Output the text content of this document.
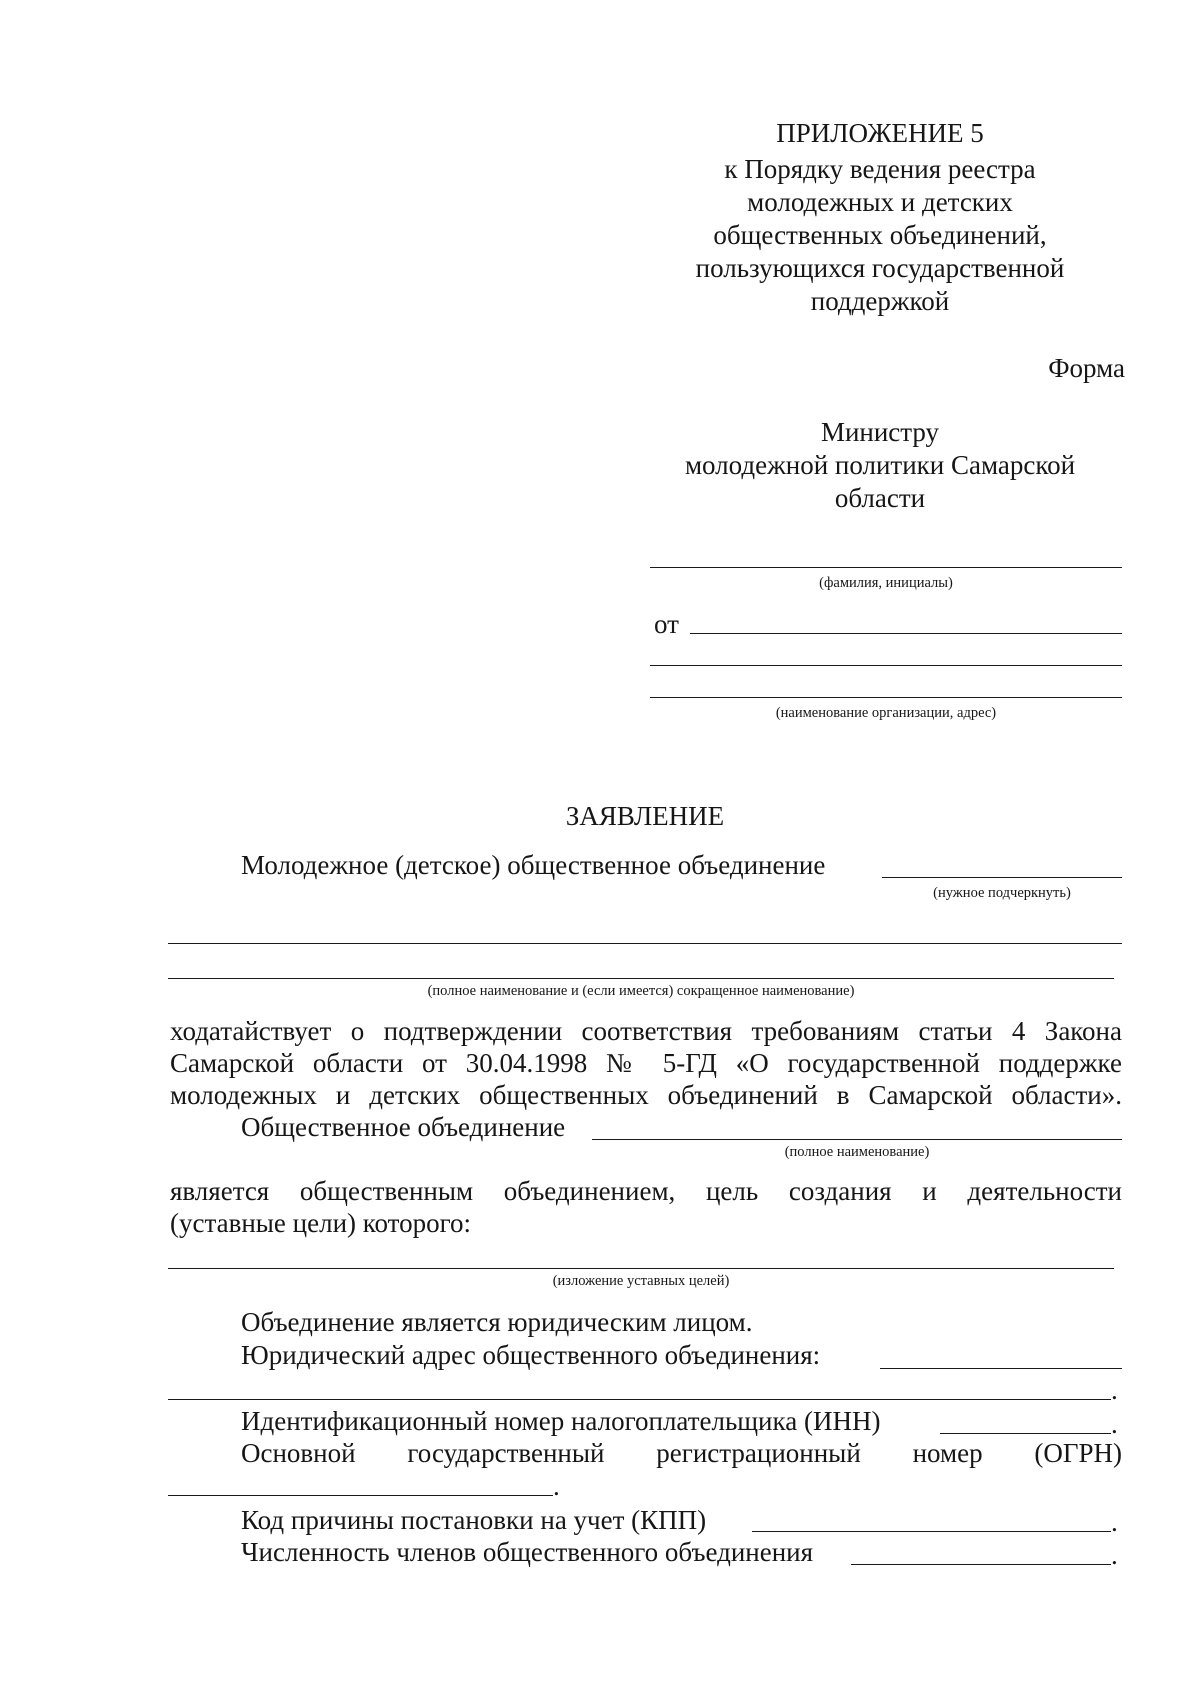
ПРИЛОЖЕНИЕ 5
к Порядку ведения реестра
молодежных и детских
общественных объединений,
пользующихся государственной
поддержкой
Форма
Министру
молодежной политики Самарской
области
(фамилия, инициалы)
от
(наименование организации, адрес)
ЗАЯВЛЕНИЕ
Молодежное (детское) общественное объединение
(нужное подчеркнуть)
(полное наименование и (если имеется) сокращенное наименование)
ходатайствует о подтверждении соответствия требованиям статьи 4 Закона
Самарской области от 30.04.1998 № 5-ГД «О государственной поддержке
молодежных и детских общественных объединений в Самарской области».
Общественное объединение
(полное наименование)
является общественным объединением, цель создания и деятельности
(уставные цели) которого:
(изложение уставных целей)
Объединение является юридическим лицом.
Юридический адрес общественного объединения:
.
Идентификационный номер налогоплательщика (ИНН)	.
Основной государственный регистрационный номер (ОГРН)
.
Код причины постановки на учет (КПП)	.
Численность членов общественного объединения	.
